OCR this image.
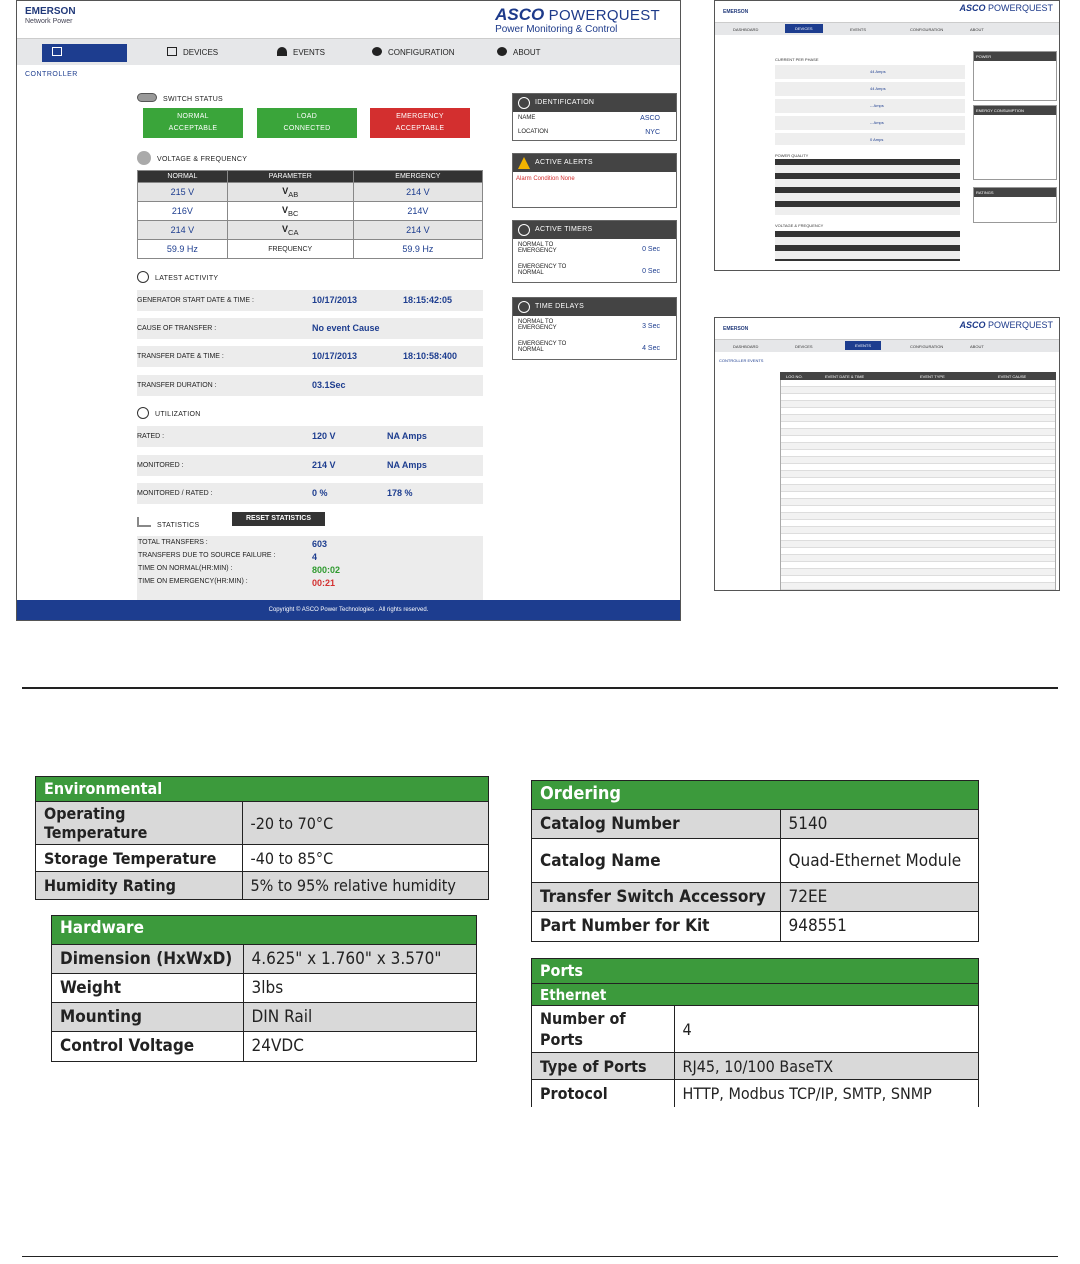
EMERSON
Network Power	ASCO POWERQUEST
Power Monitoring & Control
DASHBOARD
DEVICES	EVENTS	CONFIGURATION	ABOUT
CONTROLLER
SWITCH STATUS
NORMAL
ACCEPTABLE
LOAD
CONNECTED
EMERGENCY
ACCEPTABLE
VOLTAGE & FREQUENCY
NORMAL	PARAMETER	EMERGENCY
215 V	$V_{AB}$	214 V
216V	$V_{BC}$	214V
214 V	$V_{CA}$	214 V
59.9 Hz	FREQUENCY	59.9 Hz
LATEST ACTIVITY
GENERATOR START DATE & TIME :	10/17/2013	18:15:42:05
CAUSE OF TRANSFER :	No event Cause
TRANSFER DATE & TIME :	10/17/2013	18:10:58:400
TRANSFER DURATION :	03.1Sec
UTILIZATION
RATED :	120 V	NA Amps
MONITORED :	214 V	NA Amps
MONITORED / RATED :	0 %	178 %
STATISTICS
RESET STATISTICS
TOTAL TRANSFERS :	603
TRANSFERS DUE TO SOURCE FAILURE :	4
TIME ON NORMAL(HR:MIN) :	800:02
TIME ON EMERGENCY(HR:MIN) :	00:21
IDENTIFICATION
NAME	ASCO
LOCATION	NYC
ACTIVE ALERTS
Alarm Condition None
ACTIVE TIMERS
NORMAL TO
EMERGENCY	0 Sec
EMERGENCY TO
NORMAL	0 Sec
TIME DELAYS
NORMAL TO
EMERGENCY	3 Sec
EMERGENCY TO
NORMAL	4 Sec
Copyright © ASCO Power Technologies . All rights reserved.
EMERSON	ASCO POWERQUEST
DASHBOARD	DEVICES	EVENTS	CONFIGURATION	ABOUT
CURRENT PER PHASE
44 Amps
44 Amps
-- Amps
-- Amps
0 Amps
POWER QUALITY
VOLTAGE & FREQUENCY
POWER
ENERGY CONSUMPTION
RATINGS
EMERSON	ASCO POWERQUEST
DASHBOARD	DEVICES	EVENTS	CONFIGURATION	ABOUT
CONTROLLER EVENTS
LOG NO.	EVENT DATE & TIME	EVENT TYPE	EVENT CAUSE
Environmental
Operating Temperature	-20 to 70°C
Storage Temperature	-40 to 85°C
Humidity Rating	5% to 95% relative humidity
Hardware
Dimension (HxWxD)	4.625" x 1.760" x 3.570"
Weight	3lbs
Mounting	DIN Rail
Control Voltage	24VDC
Ordering
Catalog Number	5140
Catalog Name	Quad-Ethernet Module
Transfer Switch Accessory	72EE
Part Number for Kit	948551
Ports
Ethernet
Number of Ports	4
Type of Ports	RJ45, 10/100 BaseTX
Protocol	HTTP, Modbus TCP/IP, SMTP, SNMP
